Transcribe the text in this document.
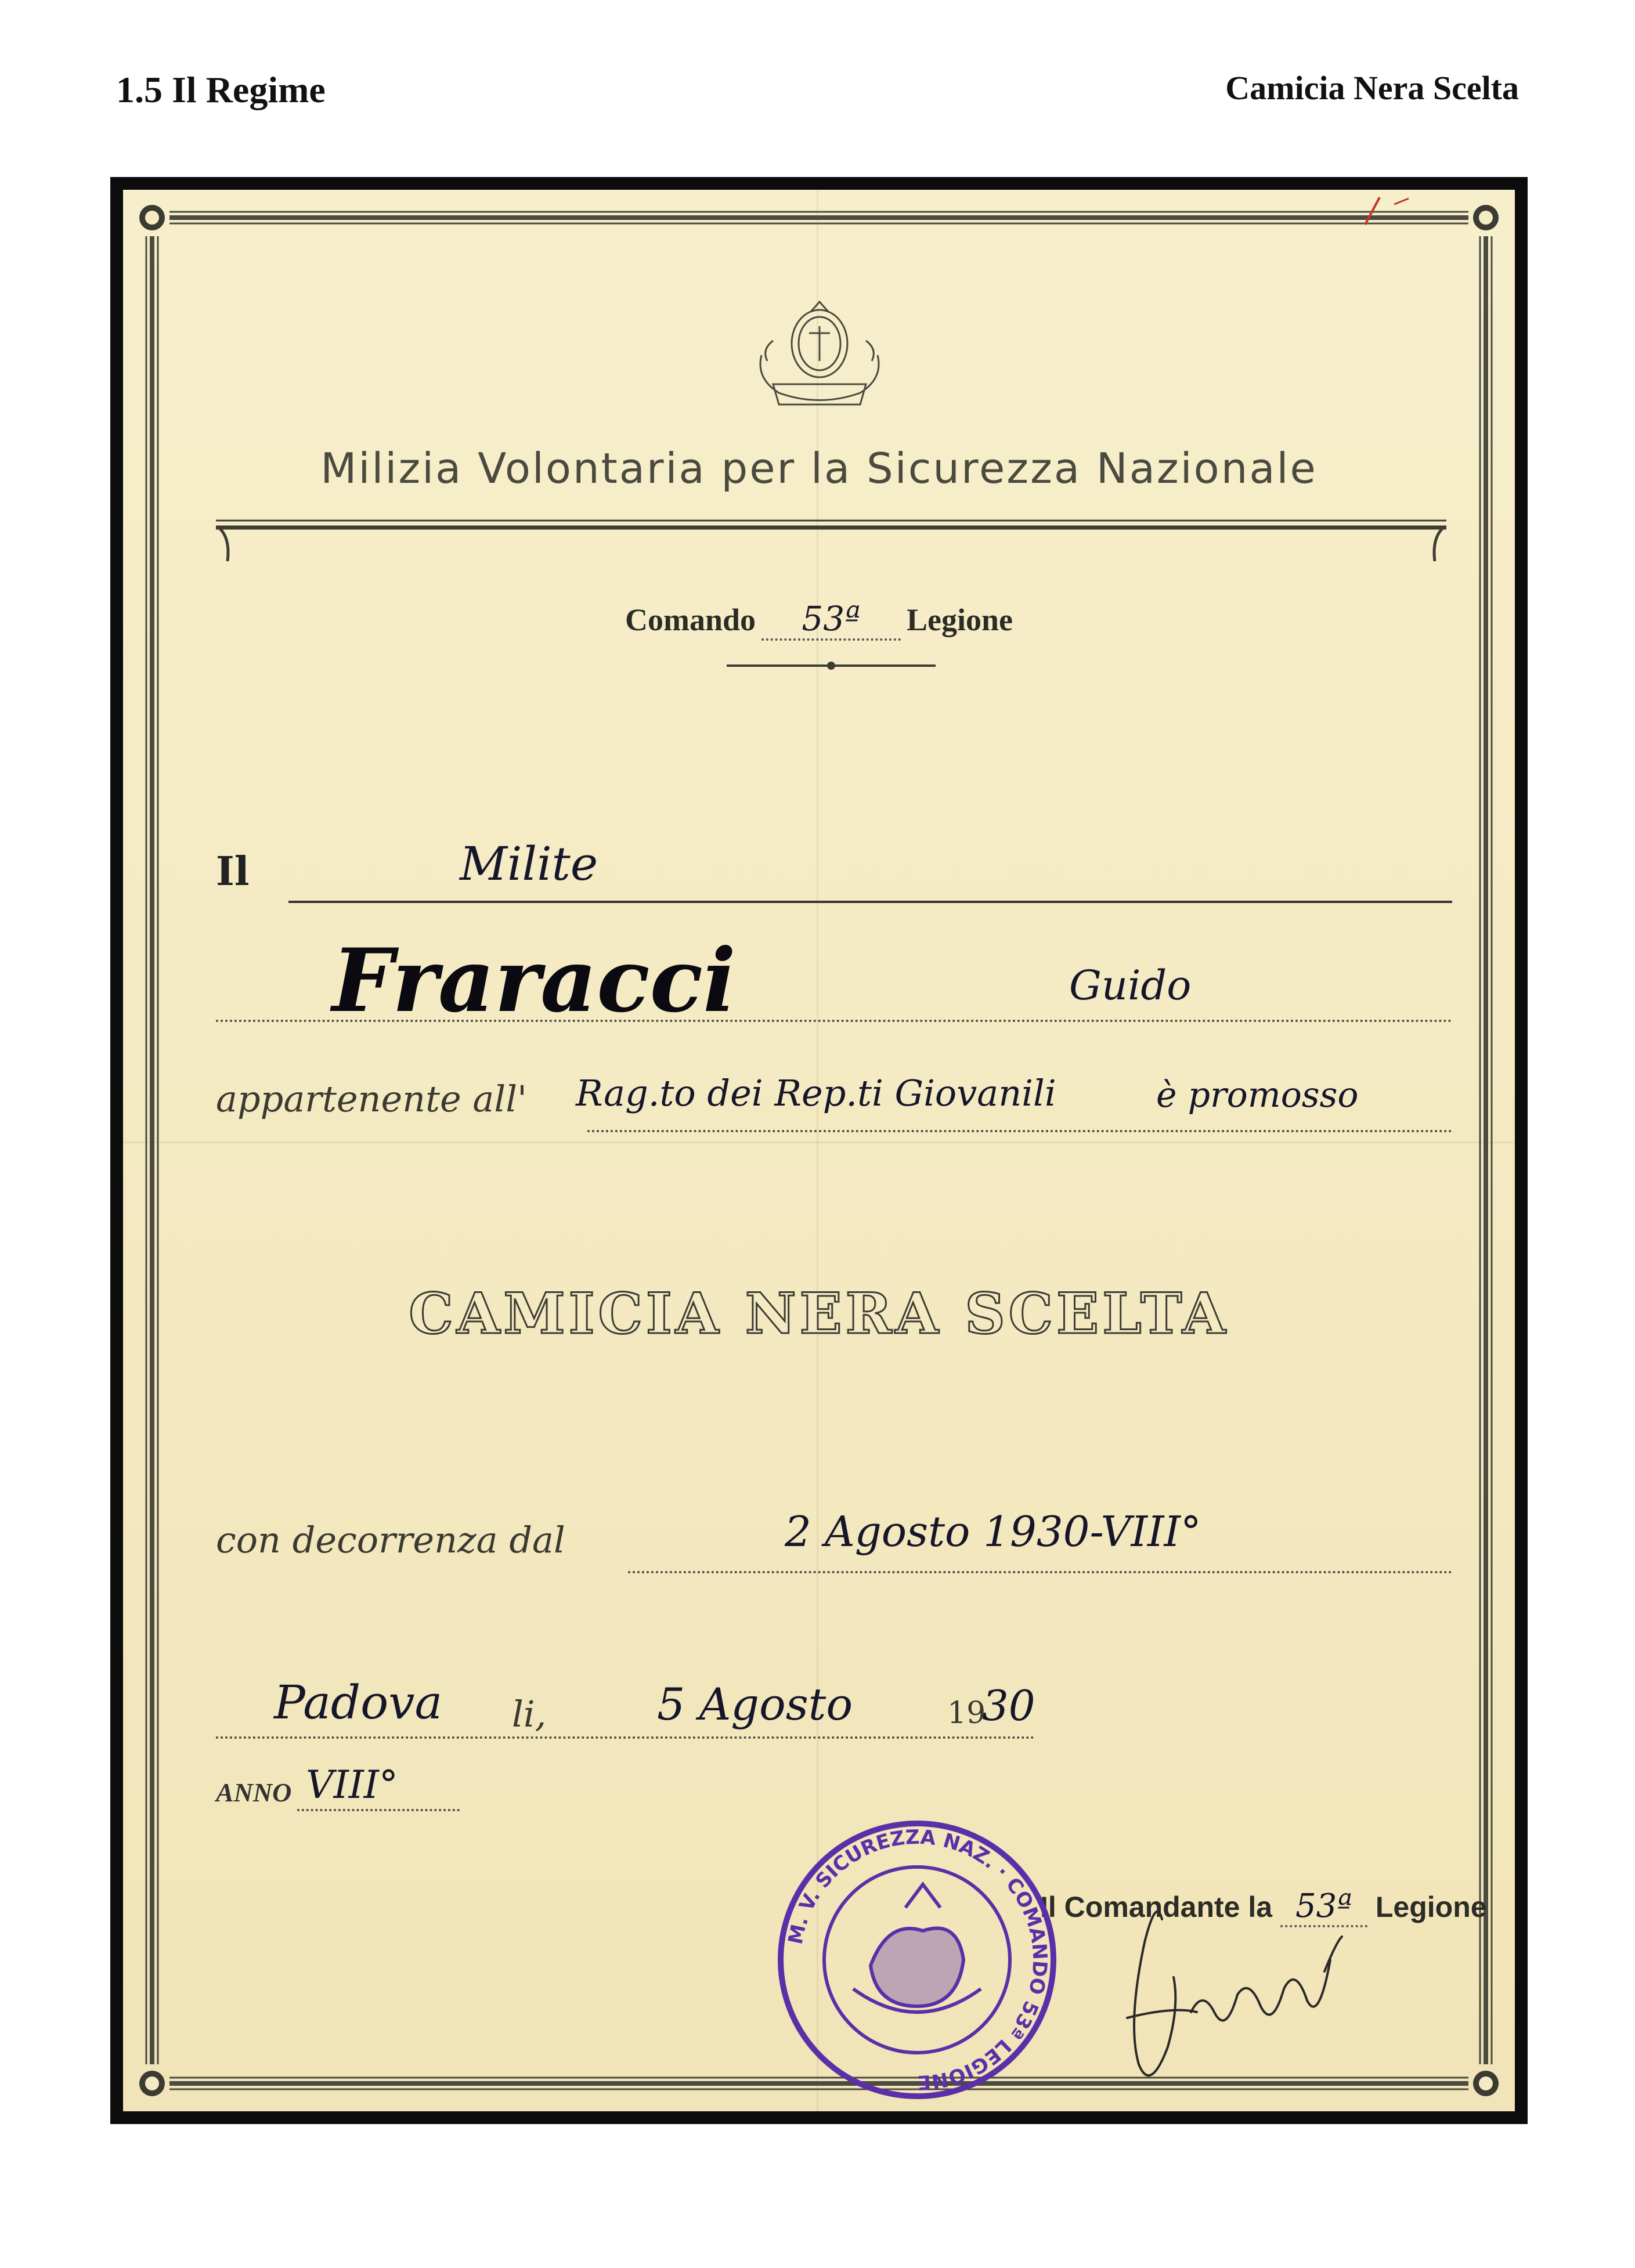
1.5 Il Regime	Camicia Nera Scelta
Milizia Volontaria per la Sicurezza Nazionale
Comando 53ª Legione
Il	Milite
Fraracci	Guido
appartenente all' Rag.to dei Rep.ti Giovanili	è promosso
CAMICIA NERA SCELTA
con decorrenza dal	2 Agosto 1930-VIII°
Padova li,	5 Agosto	19
30
ANNO VIII°
Il Comandante la 53ª Legione
M. V. SICUREZZA NAZ. · COMANDO 53ª LEGIONE
